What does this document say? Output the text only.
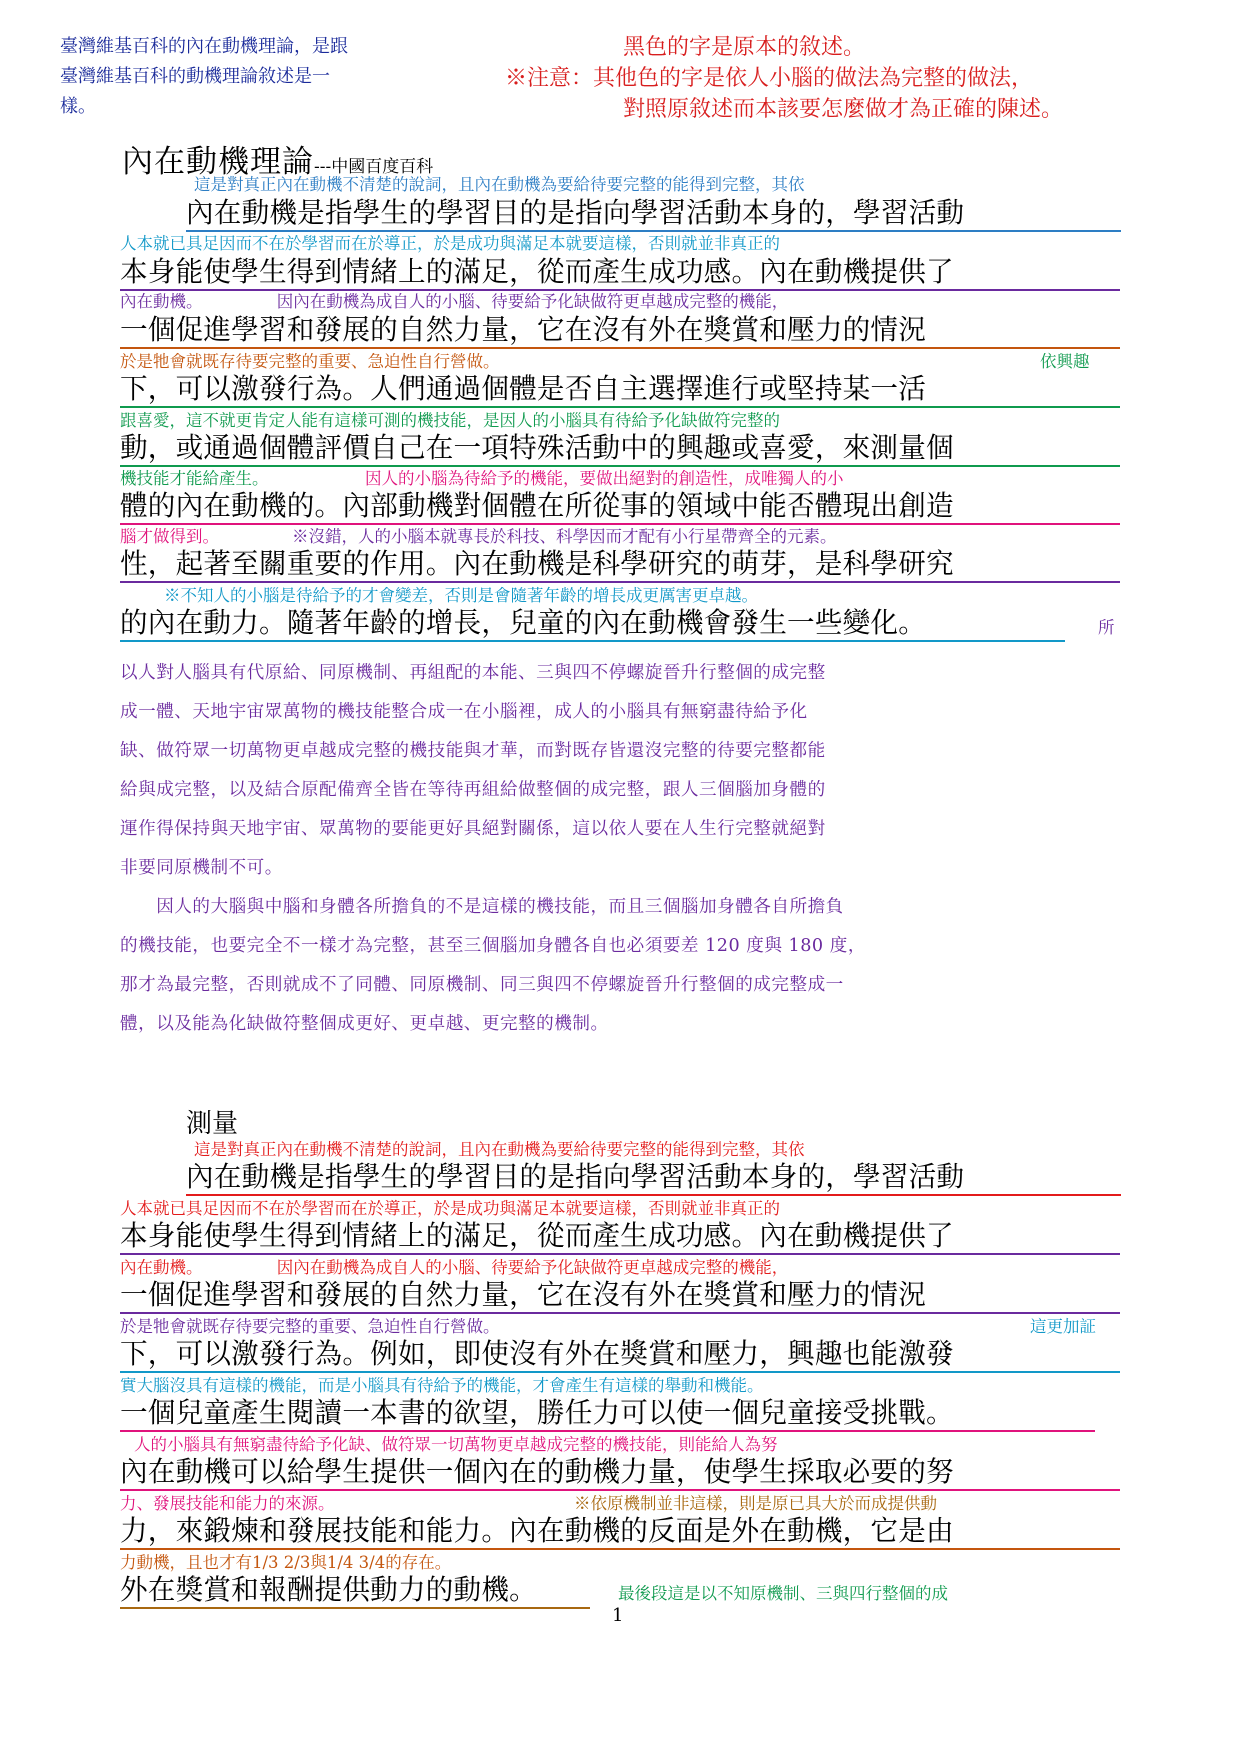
臺灣維基百科的內在動機理論，是跟臺灣維基百科的動機理論敘述是一樣。
黑色的字是原本的敘述。
※注意：其他色的字是依人小腦的做法為完整的做法，
對照原敘述而本該要怎麼做才為正確的陳述。
內在動機理論---中國百度百科
這是對真正內在動機不清楚的說詞，且內在動機為要給待要完整的能得到完整，其依
內在動機是指學生的學習目的是指向學習活動本身的，學習活動
人本就已具足因而不在於學習而在於導正，於是成功與滿足本就要這樣，否則就並非真正的
本身能使學生得到情緒上的滿足，從而產生成功感。內在動機提供了
內在動機。　　　　　因內在動機為成自人的小腦、待要給予化缺做符更卓越成完整的機能，
一個促進學習和發展的自然力量，它在沒有外在獎賞和壓力的情況
於是牠會就既存待要完整的重要、急迫性自行營做。	依興趣
下，可以激發行為。人們通過個體是否自主選擇進行或堅持某一活
跟喜愛，這不就更肯定人能有這樣可測的機技能，是因人的小腦具有待給予化缺做符完整的
動，或通過個體評價自己在一項特殊活動中的興趣或喜愛，來測量個
機技能才能給產生。	因人的小腦為待給予的機能，要做出絕對的創造性，成唯獨人的小
體的內在動機的。內部動機對個體在所從事的領域中能否體現出創造
腦才做得到。	※沒錯，人的小腦本就專長於科技、科學因而才配有小行星帶齊全的元素。
性，起著至關重要的作用。內在動機是科學研究的萌芽，是科學研究
※不知人的小腦是待給予的才會變差，否則是會隨著年齡的增長成更厲害更卓越。
的內在動力。隨著年齡的增長，兒童的內在動機會發生一些變化。	所
以人對人腦具有代原給、同原機制、再組配的本能、三與四不停螺旋晉升行整個的成完整
成一體、天地宇宙眾萬物的機技能整合成一在小腦裡，成人的小腦具有無窮盡待給予化
缺、做符眾一切萬物更卓越成完整的機技能與才華，而對既存皆還沒完整的待要完整都能
給與成完整，以及結合原配備齊全皆在等待再組給做整個的成完整，跟人三個腦加身體的
運作得保持與天地宇宙、眾萬物的要能更好具絕對關係，這以依人要在人生行完整就絕對
非要同原機制不可。
　　因人的大腦與中腦和身體各所擔負的不是這樣的機技能，而且三個腦加身體各自所擔負
的機技能，也要完全不一樣才為完整，甚至三個腦加身體各自也必須要差 120 度與 180 度，
那才為最完整，否則就成不了同體、同原機制、同三與四不停螺旋晉升行整個的成完整成一
體，以及能為化缺做符整個成更好、更卓越、更完整的機制。
測量
這是對真正內在動機不清楚的說詞，且內在動機為要給待要完整的能得到完整，其依
內在動機是指學生的學習目的是指向學習活動本身的，學習活動
人本就已具足因而不在於學習而在於導正，於是成功與滿足本就要這樣，否則就並非真正的
本身能使學生得到情緒上的滿足，從而產生成功感。內在動機提供了
內在動機。　　　　　因內在動機為成自人的小腦、待要給予化缺做符更卓越成完整的機能，
一個促進學習和發展的自然力量，它在沒有外在獎賞和壓力的情況
於是牠會就既存待要完整的重要、急迫性自行營做。	這更加証
下，可以激發行為。例如，即使沒有外在獎賞和壓力，興趣也能激發
實大腦沒具有這樣的機能，而是小腦具有待給予的機能，才會產生有這樣的舉動和機能。
一個兒童產生閱讀一本書的欲望，勝任力可以使一個兒童接受挑戰。
人的小腦具有無窮盡待給予化缺、做符眾一切萬物更卓越成完整的機技能，則能給人為努
內在動機可以給學生提供一個內在的動機力量，使學生採取必要的努
力、發展技能和能力的來源。	※依原機制並非這樣，則是原已具大於而成提供動
力，來鍛煉和發展技能和能力。內在動機的反面是外在動機，它是由
力動機，且也才有1/3 2/3與1/4 3/4的存在。
外在獎賞和報酬提供動力的動機。	最後段這是以不知原機制、三與四行整個的成
1
